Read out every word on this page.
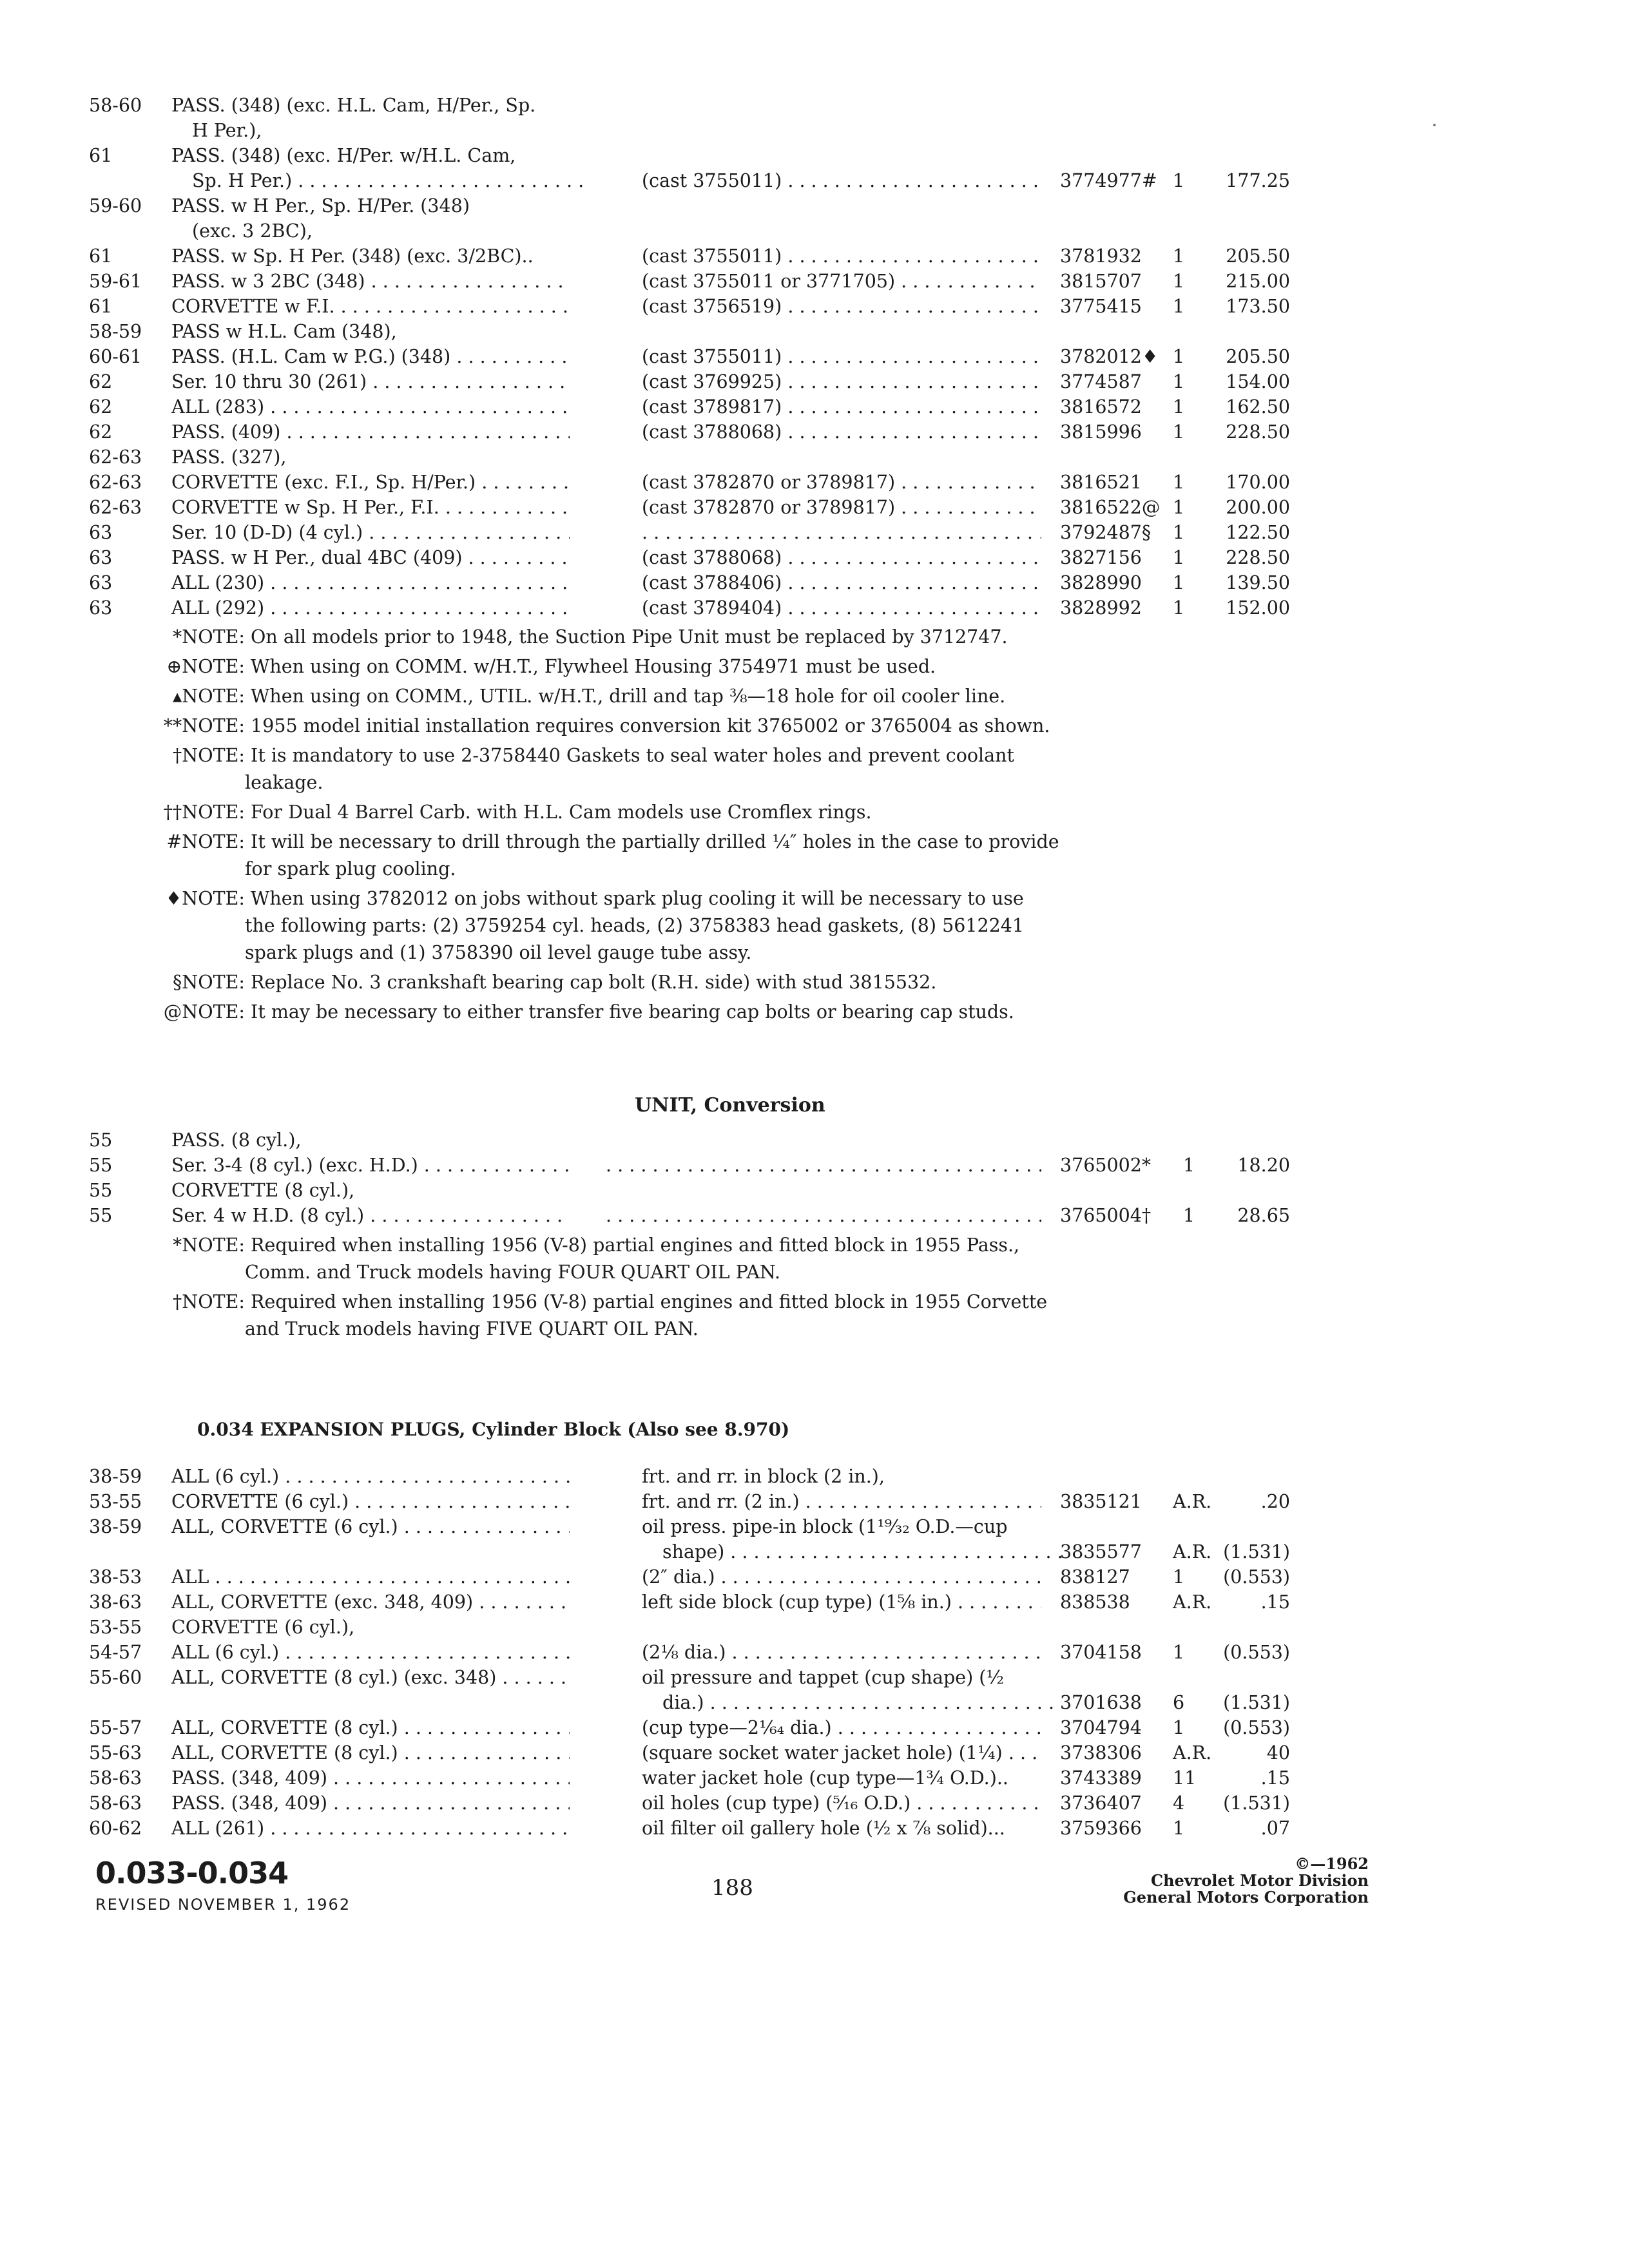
58-60 PASS. (348) (exc. H.L. Cam, H/Per., Sp.
H Per.),
61	PASS. (348) (exc. H/Per. w/H.L. Cam,
Sp. H Per.) . . .	(cast 3755011) . . .	3774977# 1 177.25
59-60 PASS. w H Per., Sp. H/Per. (348)
(exc. 3 2BC),
61	PASS. w Sp. H Per. (348) (exc. 3/2BC)..	(cast 3755011) . . .	3781932 1 205.50
59-61 PASS. w 3 2BC (348) . . .	(cast 3755011 or 3771705) . . .	3815707 1 215.00
61	CORVETTE w F.I. . . .	(cast 3756519) . . .	3775415 1 173.50
58-59 PASS w H.L. Cam (348),
60-61 PASS. (H.L. Cam w P.G.) (348) . . .	(cast 3755011) . . .	3782012♦ 1 205.50
62	Ser. 10 thru 30 (261) . . .	(cast 3769925) . . .	3774587 1 154.00
62	ALL (283) . . .	(cast 3789817) . . .	3816572 1 162.50
62	PASS. (409) . . .	(cast 3788068) . . .	3815996 1 228.50
62-63 PASS. (327),
62-63 CORVETTE (exc. F.I., Sp. H/Per.) . . .	(cast 3782870 or 3789817) . . .	3816521 1 170.00
62-63 CORVETTE w Sp. H Per., F.I. . . .	(cast 3782870 or 3789817) . . .	3816522@ 1 200.00
63	Ser. 10 (D-D) (4 cyl.) . . . . . .	3792487§ 1 122.50
63	PASS. w H Per., dual 4BC (409) . . .	(cast 3788068) . . .	3827156 1 228.50
63	ALL (230) . . .	(cast 3788406) . . .	3828990 1 139.50
63	ALL (292) . . .	(cast 3789404) . . .	3828992 1 152.00
*NOTE: On all models prior to 1948, the Suction Pipe Unit must be replaced by 3712747.
⊕NOTE: When using on COMM. w/H.T., Flywheel Housing 3754971 must be used.
▴NOTE: When using on COMM., UTIL. w/H.T., drill and tap ⅜—18 hole for oil cooler line.
**NOTE: 1955 model initial installation requires conversion kit 3765002 or 3765004 as shown.
†NOTE: It is mandatory to use 2-3758440 Gaskets to seal water holes and prevent coolant
leakage.
††NOTE: For Dual 4 Barrel Carb. with H.L. Cam models use Cromflex rings.
#NOTE: It will be necessary to drill through the partially drilled ¼″ holes in the case to provide
for spark plug cooling.
♦NOTE: When using 3782012 on jobs without spark plug cooling it will be necessary to use
the following parts: (2) 3759254 cyl. heads, (2) 3758383 head gaskets, (8) 5612241
spark plugs and (1) 3758390 oil level gauge tube assy.
§NOTE: Replace No. 3 crankshaft bearing cap bolt (R.H. side) with stud 3815532.
@NOTE: It may be necessary to either transfer five bearing cap bolts or bearing cap studs.
UNIT, Conversion
55	PASS. (8 cyl.),
55	Ser. 3-4 (8 cyl.) (exc. H.D.) . . . . . .	3765002* 1 18.20
55	CORVETTE (8 cyl.),
55	Ser. 4 w H.D. (8 cyl.) . . . . . .	3765004† 1 28.65
*NOTE: Required when installing 1956 (V-8) partial engines and fitted block in 1955 Pass.,
Comm. and Truck models having FOUR QUART OIL PAN.
†NOTE: Required when installing 1956 (V-8) partial engines and fitted block in 1955 Corvette
and Truck models having FIVE QUART OIL PAN.
0.034 EXPANSION PLUGS, Cylinder Block (Also see 8.970)
38-59 ALL (6 cyl.) . . .	frt. and rr. in block (2 in.),
53-55 CORVETTE (6 cyl.) . . .	frt. and rr. (2 in.) . . .	3835121 A.R.	.20
38-59 ALL, CORVETTE (6 cyl.) . . .	oil press. pipe-in block (1¹⁹⁄₃₂ O.D.—cup
shape) . . .	3835577 A.R. (1.531)
38-53 ALL . . .	(2″ dia.) . . .	838127 1 (0.553)
38-63 ALL, CORVETTE (exc. 348, 409) . . .	left side block (cup type) (1⅝ in.) . . .	838538 A.R.	.15
53-55 CORVETTE (6 cyl.),
54-57 ALL (6 cyl.) . . .	(2⅛ dia.) . . .	3704158 1 (0.553)
55-60 ALL, CORVETTE (8 cyl.) (exc. 348) . . .	oil pressure and tappet (cup shape) (½
dia.) . . .	3701638 6 (1.531)
55-57 ALL, CORVETTE (8 cyl.) . . .	(cup type—2¹⁄₆₄ dia.) . . .	3704794 1 (0.553)
55-63 ALL, CORVETTE (8 cyl.) . . .	(square socket water jacket hole) (1¼) . . .	3738306 A.R.	40
58-63 PASS. (348, 409) . . .	water jacket hole (cup type—1¾ O.D.)..	3743389 11	.15
58-63 PASS. (348, 409) . . .	oil holes (cup type) (⁵⁄₁₆ O.D.) . . .	3736407 4 (1.531)
60-62 ALL (261) . . .	oil filter oil gallery hole (½ x ⅞ solid)...	3759366 1	.07
0.033-0.034
REVISED NOVEMBER 1, 1962
188
©—1962
Chevrolet Motor Division
General Motors Corporation
